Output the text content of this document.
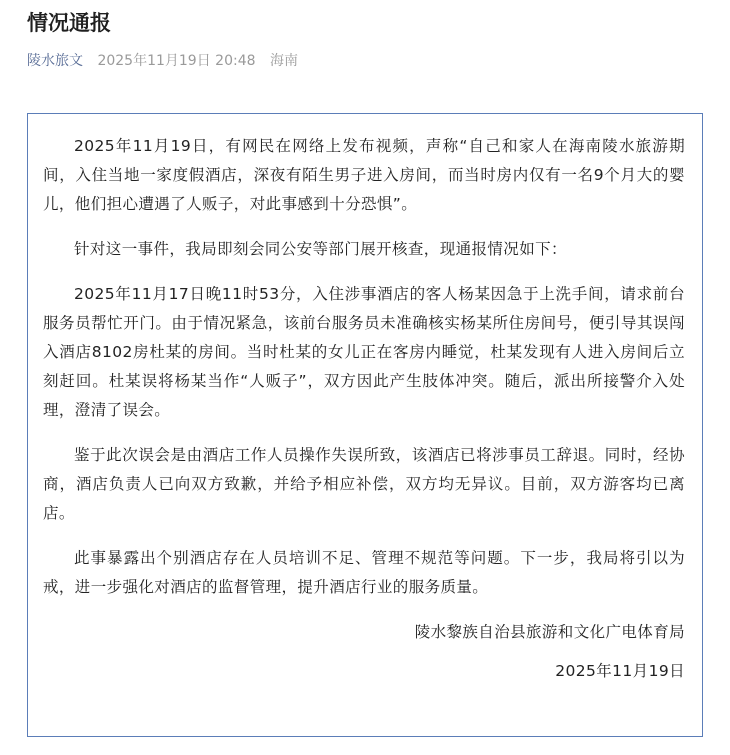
情况通报
陵水旅文 2025年11月19日 20:48 海南

2025年11月19日，有网民在网络上发布视频，声称“自己和家人在海南陵水旅游期间，入住当地一家度假酒店，深夜有陌生男子进入房间，而当时房内仅有一名9个月大的婴儿，他们担心遭遇了人贩子，对此事感到十分恐惧”。

针对这一事件，我局即刻会同公安等部门展开核查，现通报情况如下：

2025年11月17日晚11时53分，入住涉事酒店的客人杨某因急于上洗手间，请求前台服务员帮忙开门。由于情况紧急，该前台服务员未准确核实杨某所住房间号，便引导其误闯入酒店8102房杜某的房间。当时杜某的女儿正在客房内睡觉，杜某发现有人进入房间后立刻赶回。杜某误将杨某当作“人贩子”，双方因此产生肢体冲突。随后，派出所接警介入处理，澄清了误会。

鉴于此次误会是由酒店工作人员操作失误所致，该酒店已将涉事员工辞退。同时，经协商，酒店负责人已向双方致歉，并给予相应补偿，双方均无异议。目前，双方游客均已离店。

此事暴露出个别酒店存在人员培训不足、管理不规范等问题。下一步，我局将引以为戒，进一步强化对酒店的监督管理，提升酒店行业的服务质量。

陵水黎族自治县旅游和文化广电体育局

2025年11月19日
